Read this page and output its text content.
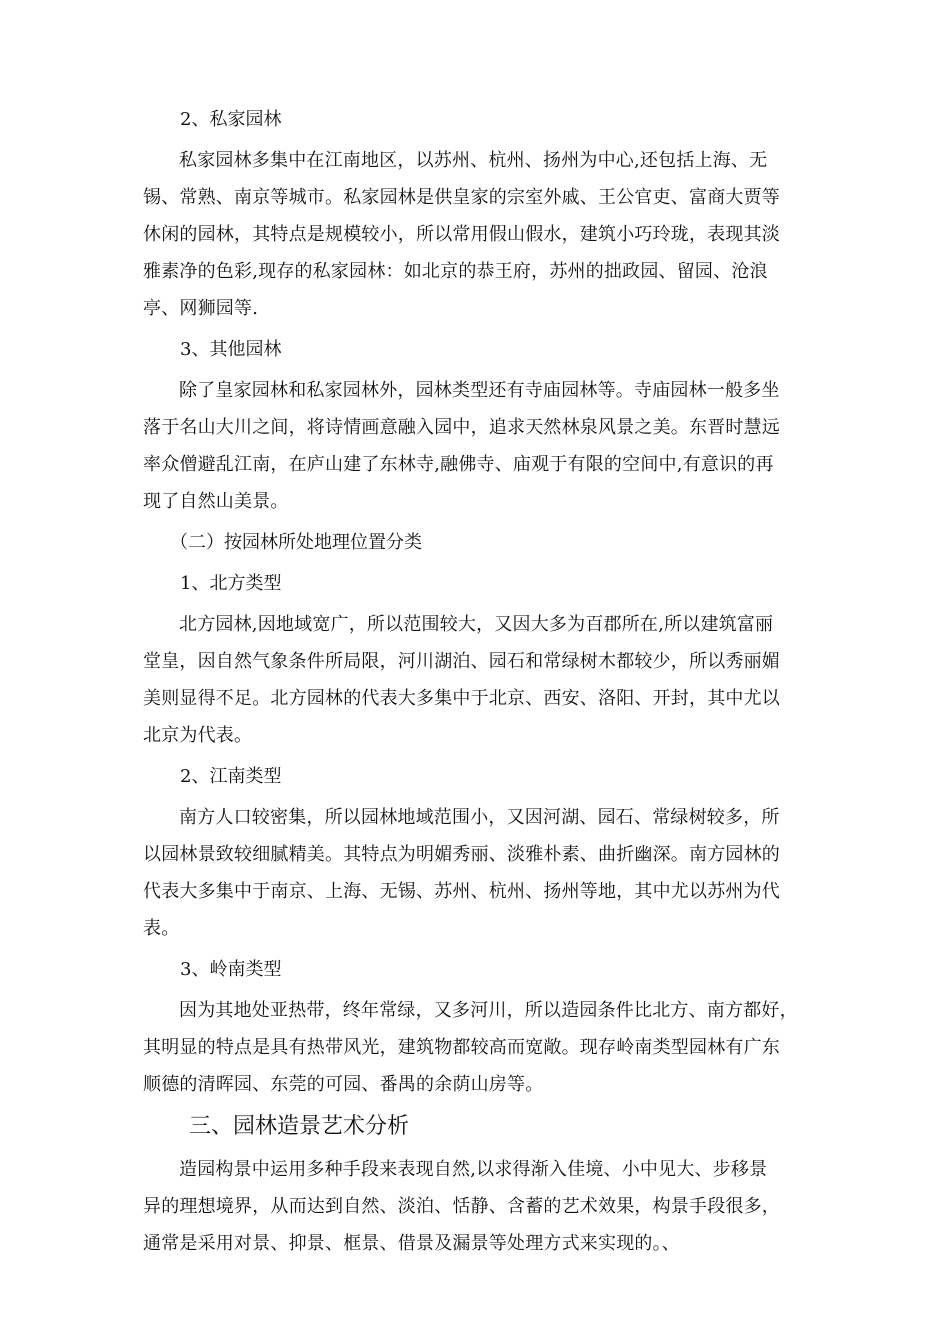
2、私家园林
私家园林多集中在江南地区，以苏州、杭州、扬州为中心,还包括上海、无
锡、常熟、南京等城市。私家园林是供皇家的宗室外戚、王公官吏、富商大贾等
休闲的园林，其特点是规模较小，所以常用假山假水，建筑小巧玲珑，表现其淡
雅素净的色彩,现存的私家园林：如北京的恭王府，苏州的拙政园、留园、沧浪
亭、网狮园等.
3、其他园林
除了皇家园林和私家园林外，园林类型还有寺庙园林等。寺庙园林一般多坐
落于名山大川之间，将诗情画意融入园中，追求天然林泉风景之美。东晋时慧远
率众僧避乱江南，在庐山建了东林寺,融佛寺、庙观于有限的空间中,有意识的再
现了自然山美景。
（二）按园林所处地理位置分类
1、北方类型
北方园林,因地域宽广，所以范围较大，又因大多为百郡所在,所以建筑富丽
堂皇，因自然气象条件所局限，河川湖泊、园石和常绿树木都较少，所以秀丽媚
美则显得不足。北方园林的代表大多集中于北京、西安、洛阳、开封，其中尤以
北京为代表。
2、江南类型
南方人口较密集，所以园林地域范围小，又因河湖、园石、常绿树较多，所
以园林景致较细腻精美。其特点为明媚秀丽、淡雅朴素、曲折幽深。南方园林的
代表大多集中于南京、上海、无锡、苏州、杭州、扬州等地，其中尤以苏州为代
表。
3、岭南类型
因为其地处亚热带，终年常绿，又多河川，所以造园条件比北方、南方都好，
其明显的特点是具有热带风光，建筑物都较高而宽敞。现存岭南类型园林有广东
顺德的清晖园、东莞的可园、番禺的余荫山房等。
三、园林造景艺术分析
造园构景中运用多种手段来表现自然,以求得渐入佳境、小中见大、步移景
异的理想境界，从而达到自然、淡泊、恬静、含蓄的艺术效果，构景手段很多，
通常是采用对景、抑景、框景、借景及漏景等处理方式来实现的。、
